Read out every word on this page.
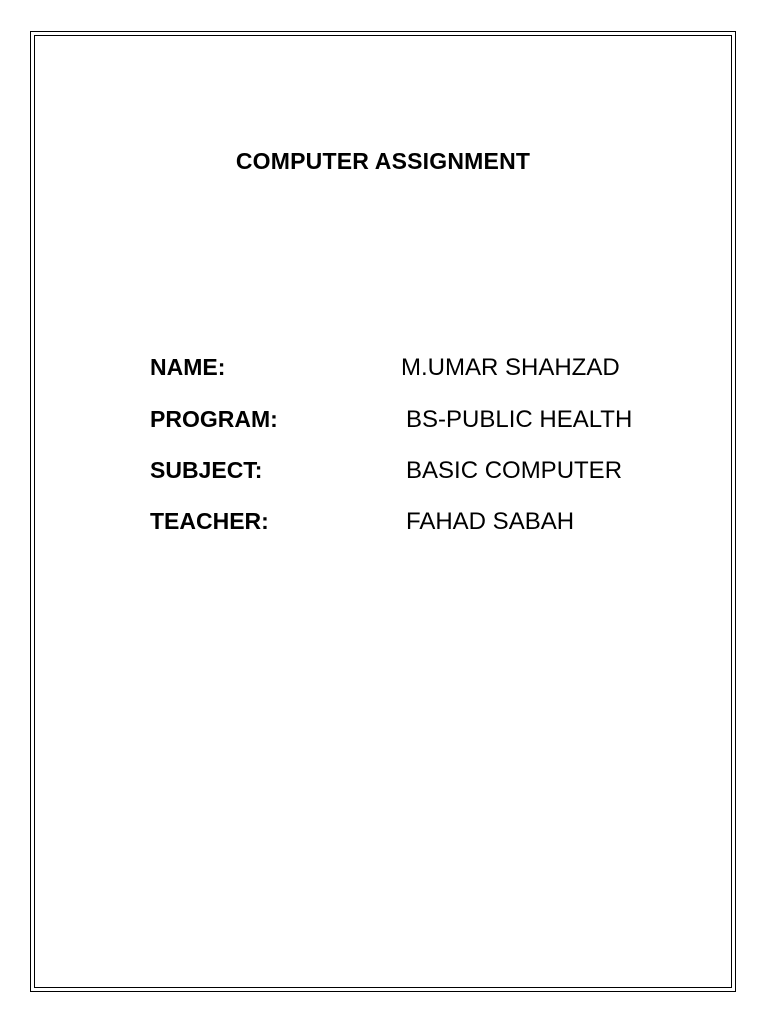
COMPUTER ASSIGNMENT
NAME:	M.UMAR SHAHZAD
PROGRAM:	BS-PUBLIC HEALTH
SUBJECT:	BASIC COMPUTER
TEACHER:	FAHAD SABAH
